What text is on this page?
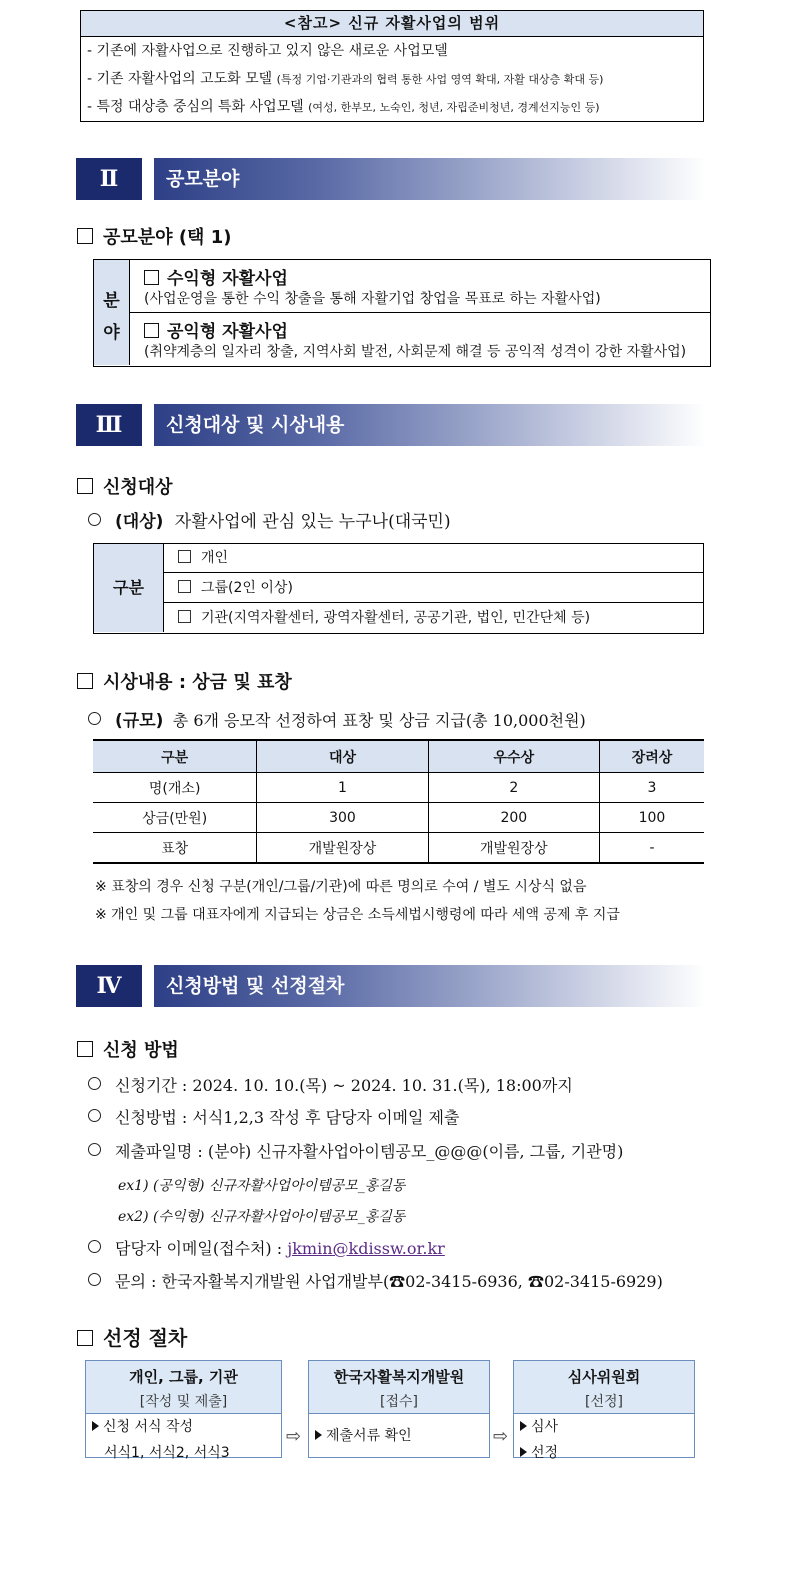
<참고> 신규 자활사업의 범위
- 기존에 자활사업으로 진행하고 있지 않은 새로운 사업모델
- 기존 자활사업의 고도화 모델 (특정 기업·기관과의 협력 통한 사업 영역 확대, 자활 대상층 확대 등)
- 특정 대상층 중심의 특화 사업모델 (여성, 한부모, 노숙인, 청년, 자립준비청년, 경계선지능인 등)
Ⅱ	공모분야
공모분야 (택 1)
분
야
수익형 자활사업
(사업운영을 통한 수익 창출을 통해 자활기업 창업을 목표로 하는 자활사업)
공익형 자활사업
(취약계층의 일자리 창출, 지역사회 발전, 사회문제 해결 등 공익적 성격이 강한 자활사업)
Ⅲ	신청대상 및 시상내용
신청대상
(대상) 자활사업에 관심 있는 누구나(대국민)
구분
개인
그룹(2인 이상)
기관(지역자활센터, 광역자활센터, 공공기관, 법인, 민간단체 등)
시상내용 : 상금 및 표창
(규모) 총 6개 응모작 선정하여 표창 및 상금 지급(총 10,000천원)
구분	대상	우수상	장려상
명(개소)	1	2	3
상금(만원)	300	200	100
표창	개발원장상	개발원장상	-
※ 표창의 경우 신청 구분(개인/그룹/기관)에 따른 명의로 수여 / 별도 시상식 없음
※ 개인 및 그룹 대표자에게 지급되는 상금은 소득세법시행령에 따라 세액 공제 후 지급
Ⅳ	신청방법 및 선정절차
신청 방법
신청기간 : 2024. 10. 10.(목) ~ 2024. 10. 31.(목), 18:00까지
신청방법 : 서식1,2,3 작성 후 담당자 이메일 제출
제출파일명 : (분야) 신규자활사업아이템공모_@@@(이름, 그룹, 기관명)
ex1) (공익형) 신규자활사업아이템공모_홍길동
ex2) (수익형) 신규자활사업아이템공모_홍길동
담당자 이메일(접수처) : jkmin@kdissw.or.kr
문의 : 한국자활복지개발원 사업개발부(☎02-3415-6936, ☎02-3415-6929)
선정 절차
개인, 그룹, 기관
[작성 및 제출]
신청 서식 작성
서식1, 서식2, 서식3
⇨
한국자활복지개발원
[접수]
제출서류 확인	⇨
심사위원회
[선정]
심사
선정
